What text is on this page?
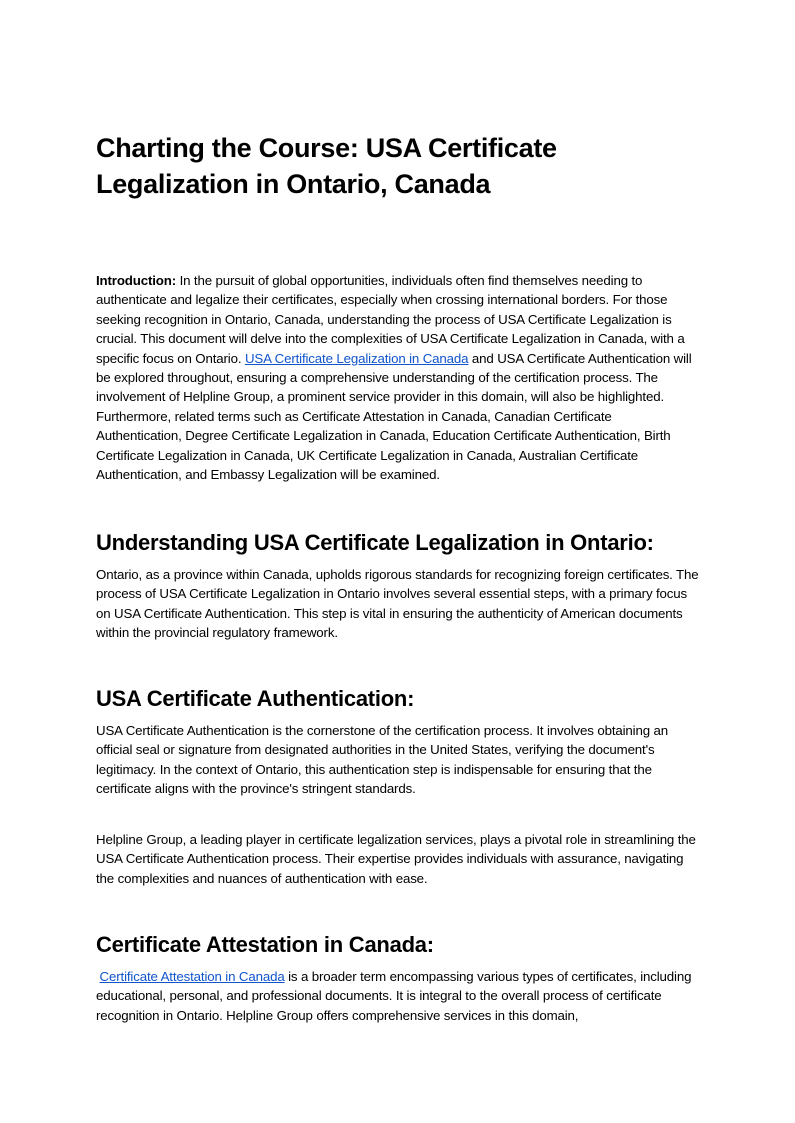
Charting the Course: USA Certificate Legalization in Ontario, Canada

Introduction: In the pursuit of global opportunities, individuals often find themselves needing to authenticate and legalize their certificates, especially when crossing international borders. For those seeking recognition in Ontario, Canada, understanding the process of USA Certificate Legalization is crucial. This document will delve into the complexities of USA Certificate Legalization in Canada, with a specific focus on Ontario. USA Certificate Legalization in Canada and USA Certificate Authentication will be explored throughout, ensuring a comprehensive understanding of the certification process. The involvement of Helpline Group, a prominent service provider in this domain, will also be highlighted. Furthermore, related terms such as Certificate Attestation in Canada, Canadian Certificate Authentication, Degree Certificate Legalization in Canada, Education Certificate Authentication, Birth Certificate Legalization in Canada, UK Certificate Legalization in Canada, Australian Certificate Authentication, and Embassy Legalization will be examined.

Understanding USA Certificate Legalization in Ontario:

Ontario, as a province within Canada, upholds rigorous standards for recognizing foreign certificates. The process of USA Certificate Legalization in Ontario involves several essential steps, with a primary focus on USA Certificate Authentication. This step is vital in ensuring the authenticity of American documents within the provincial regulatory framework.

USA Certificate Authentication:

USA Certificate Authentication is the cornerstone of the certification process. It involves obtaining an official seal or signature from designated authorities in the United States, verifying the document's legitimacy. In the context of Ontario, this authentication step is indispensable for ensuring that the certificate aligns with the province's stringent standards.

Helpline Group, a leading player in certificate legalization services, plays a pivotal role in streamlining the USA Certificate Authentication process. Their expertise provides individuals with assurance, navigating the complexities and nuances of authentication with ease.

Certificate Attestation in Canada:

Certificate Attestation in Canada is a broader term encompassing various types of certificates, including educational, personal, and professional documents. It is integral to the overall process of certificate recognition in Ontario. Helpline Group offers comprehensive services in this domain,
